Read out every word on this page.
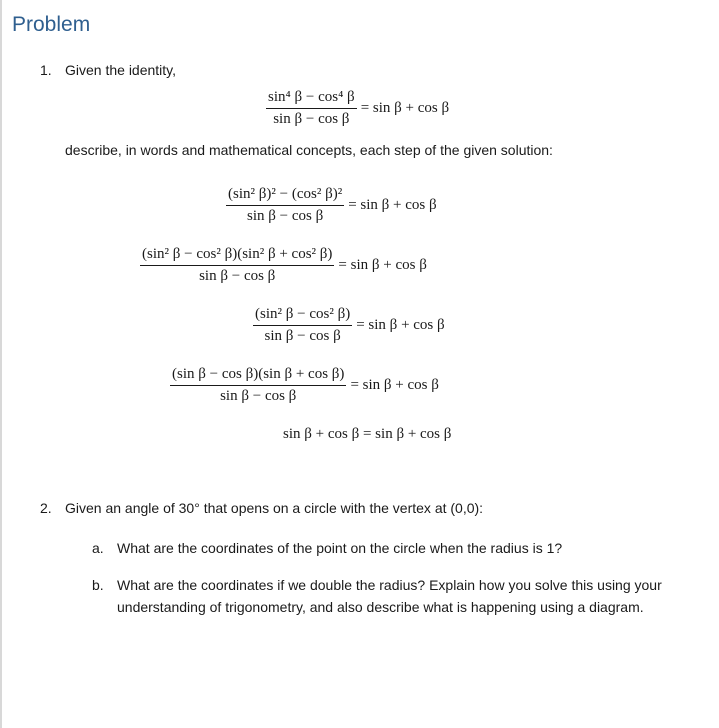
Problem
1. Given the identity,
$\frac{\text{sin⁴ β − cos⁴ β}}{\text{sin β − cos β}} = \sin \beta + \cos \beta$
describe, in words and mathematical concepts, each step of the given solution:
$\frac{\text{(sin² β)² − (cos² β)²}}{\text{sin β − cos β}} = \sin \beta + \cos \beta$
$\frac{\text{(sin² β − cos² β)(sin² β + cos² β)}}{\text{sin β − cos β}} = \sin \beta + \cos \beta$
$\frac{\text{(sin² β − cos² β)}}{\text{sin β − cos β}} = \sin \beta + \cos \beta$
$\frac{\text{(sin β − cos β)(sin β + cos β)}}{\text{sin β − cos β}} = \sin \beta + \cos \beta$
sin β + cos β = sin β + cos β
2. Given an angle of 30° that opens on a circle with the vertex at (0,0):
a. What are the coordinates of the point on the circle when the radius is 1?
b. What are the coordinates if we double the radius? Explain how you solve this using your understanding of trigonometry, and also describe what is happening using a diagram.
